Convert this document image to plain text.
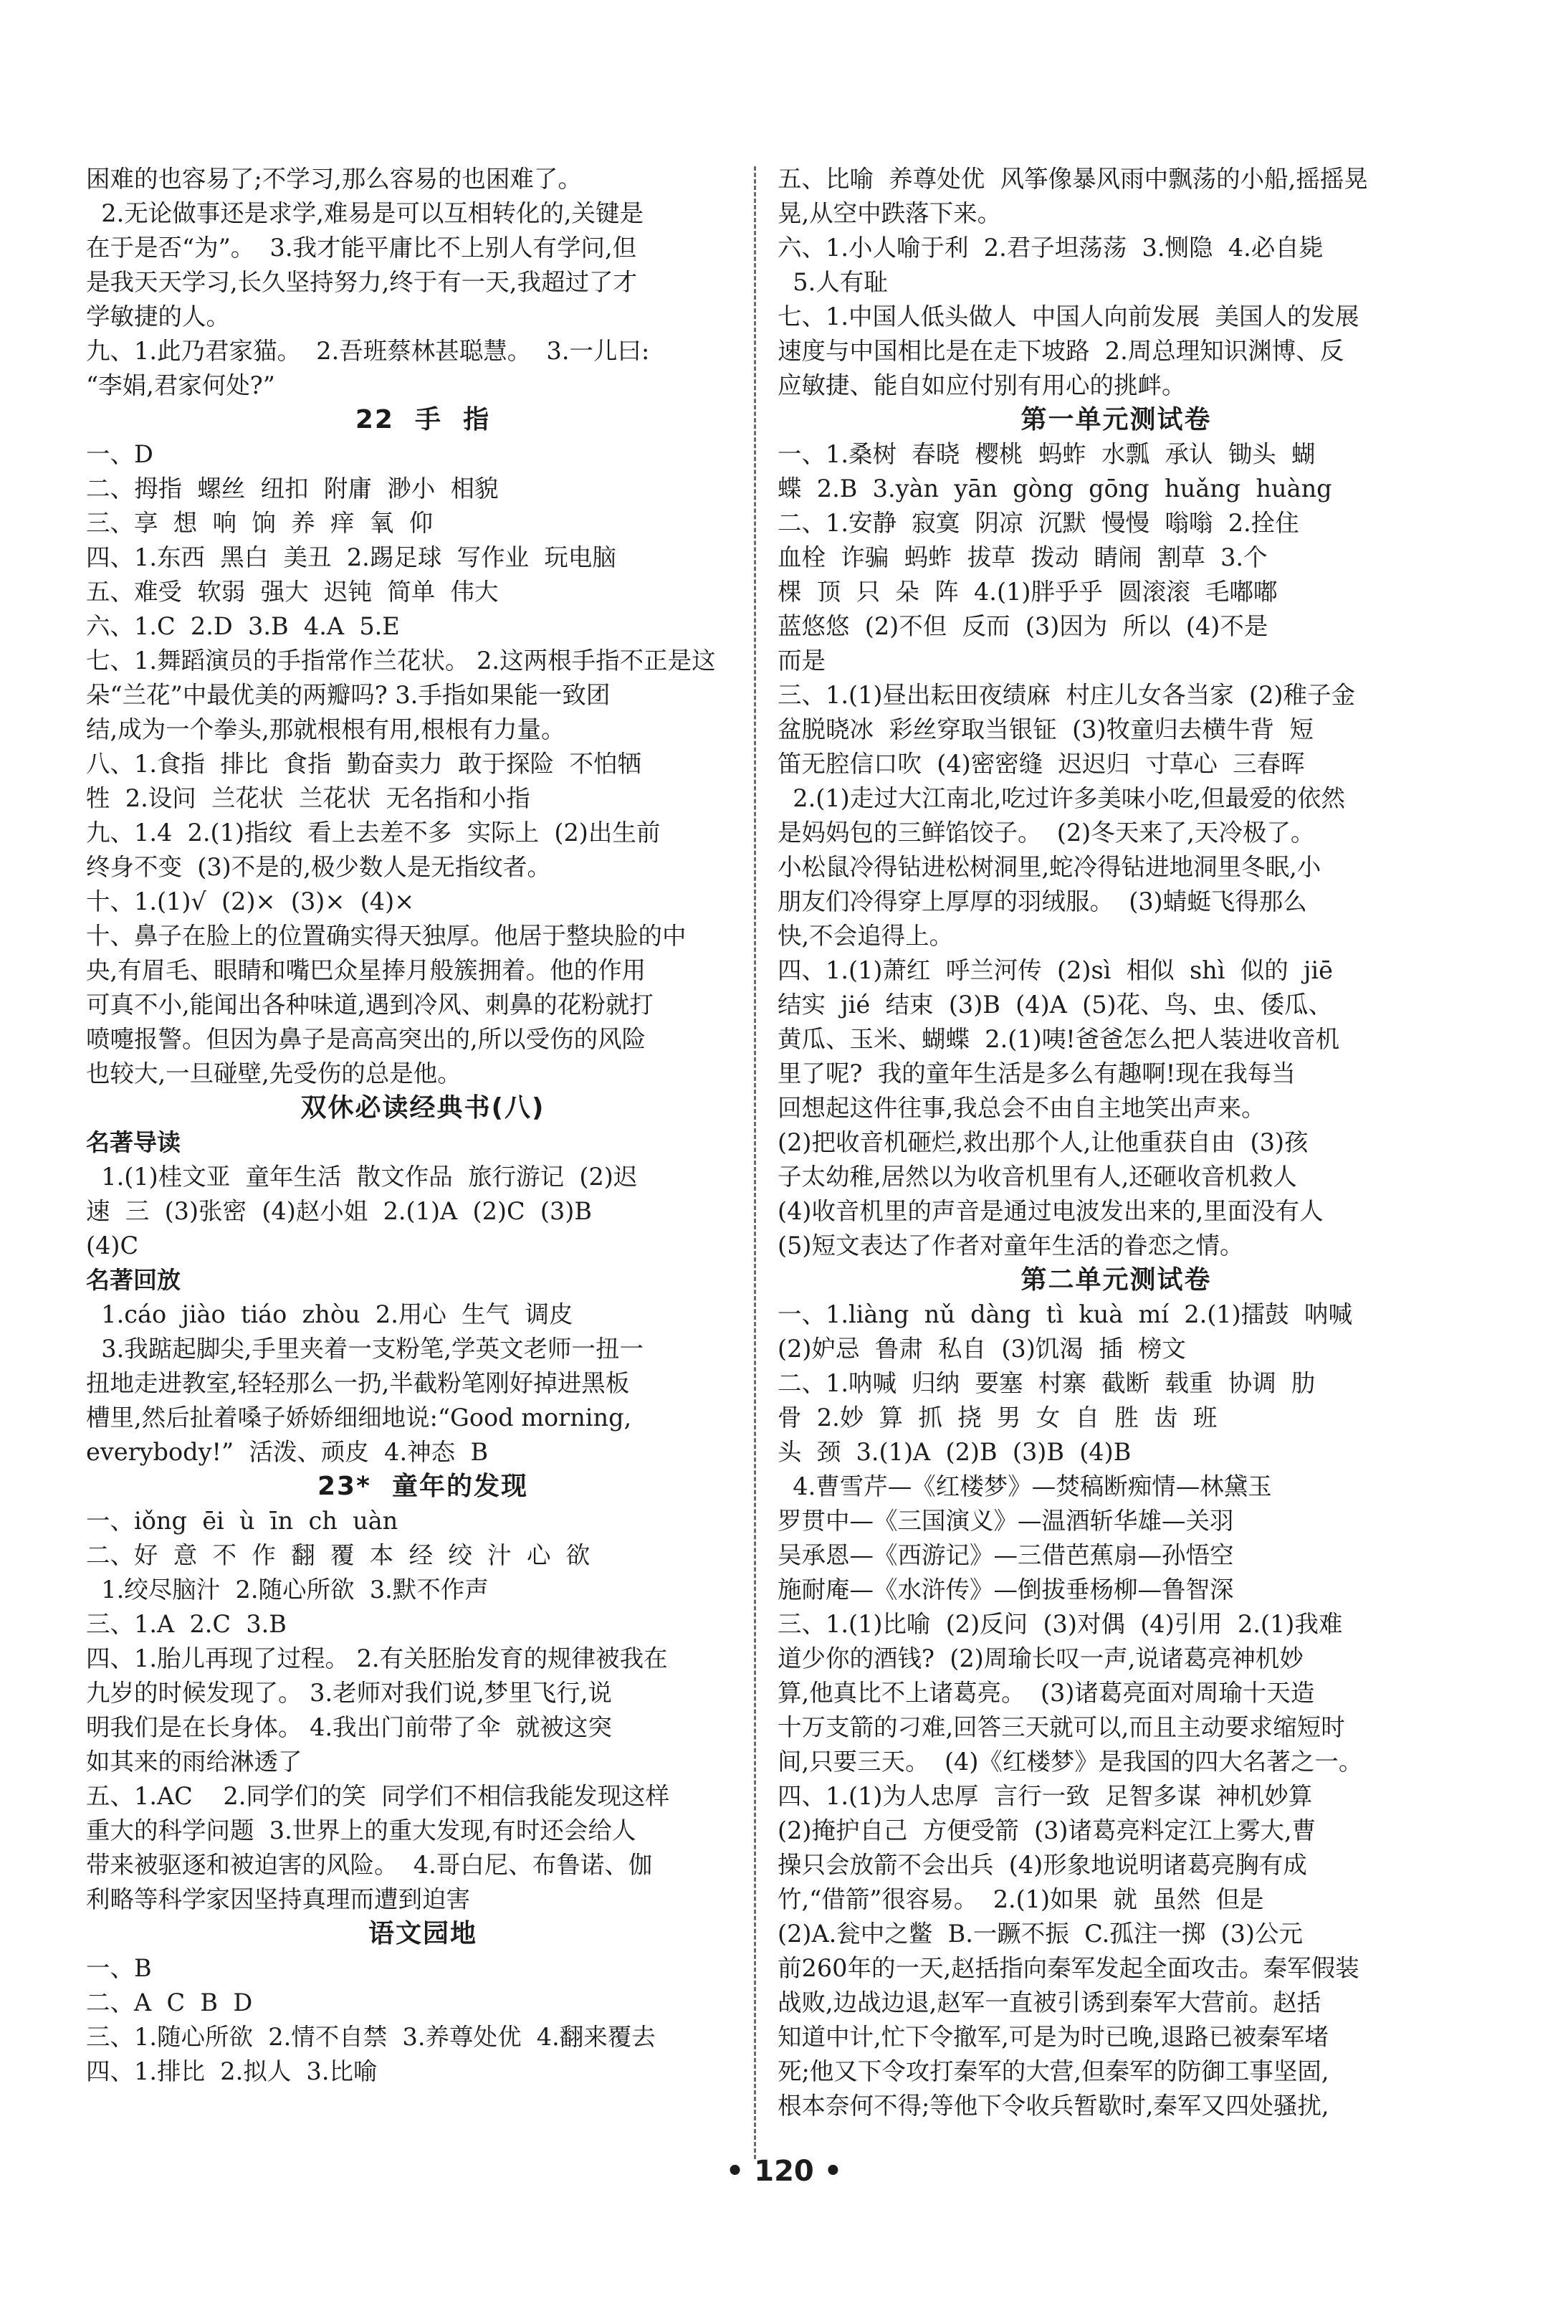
困难的也容易了;不学习,那么容易的也困难了。
2.无论做事还是求学,难易是可以互相转化的,关键是
在于是否“为”。  3.我才能平庸比不上别人有学问,但
是我天天学习,长久坚持努力,终于有一天,我超过了才
学敏捷的人。
九、1.此乃君家猫。  2.吾班蔡林甚聪慧。  3.一儿曰:
“李娟,君家何处?”
22  手  指
一、D
二、拇指  螺丝  纽扣  附庸  渺小  相貌
三、享  想  响  饷  养  痒  氧  仰
四、1.东西  黑白  美丑  2.踢足球  写作业  玩电脑
五、难受  软弱  强大  迟钝  简单  伟大
六、1.C  2.D  3.B  4.A  5.E
七、1.舞蹈演员的手指常作兰花状。 2.这两根手指不正是这
朵“兰花”中最优美的两瓣吗? 3.手指如果能一致团
结,成为一个拳头,那就根根有用,根根有力量。
八、1.食指  排比  食指  勤奋卖力  敢于探险  不怕牺
牲  2.设问  兰花状  兰花状  无名指和小指
九、1.4  2.(1)指纹  看上去差不多  实际上  (2)出生前
终身不变  (3)不是的,极少数人是无指纹者。
十、1.(1)√  (2)×  (3)×  (4)×
十、鼻子在脸上的位置确实得天独厚。他居于整块脸的中
央,有眉毛、眼睛和嘴巴众星捧月般簇拥着。他的作用
可真不小,能闻出各种味道,遇到冷风、刺鼻的花粉就打
喷嚏报警。但因为鼻子是高高突出的,所以受伤的风险
也较大,一旦碰壁,先受伤的总是他。
双休必读经典书(八)
名著导读
1.(1)桂文亚  童年生活  散文作品  旅行游记  (2)迟
速  三  (3)张密  (4)赵小姐  2.(1)A  (2)C  (3)B
(4)C
名著回放
1.cáo  jiào  tiáo  zhòu  2.用心  生气  调皮
3.我踮起脚尖,手里夹着一支粉笔,学英文老师一扭一
扭地走进教室,轻轻那么一扔,半截粉笔刚好掉进黑板
槽里,然后扯着嗓子娇娇细细地说:“Good morning,
everybody!”  活泼、顽皮  4.神态  B
23*  童年的发现
一、iǒng  ēi  ù  īn  ch  uàn
二、好  意  不  作  翻  覆  本  经  绞  汁  心  欲
1.绞尽脑汁  2.随心所欲  3.默不作声
三、1.A  2.C  3.B
四、1.胎儿再现了过程。 2.有关胚胎发育的规律被我在
九岁的时候发现了。 3.老师对我们说,梦里飞行,说
明我们是在长身体。 4.我出门前带了伞  就被这突
如其来的雨给淋透了
五、1.AC    2.同学们的笑  同学们不相信我能发现这样
重大的科学问题  3.世界上的重大发现,有时还会给人
带来被驱逐和被迫害的风险。  4.哥白尼、布鲁诺、伽
利略等科学家因坚持真理而遭到迫害
语文园地
一、B
二、A  C  B  D
三、1.随心所欲  2.情不自禁  3.养尊处优  4.翻来覆去
四、1.排比  2.拟人  3.比喻
五、比喻  养尊处优  风筝像暴风雨中飘荡的小船,摇摇晃
晃,从空中跌落下来。
六、1.小人喻于利  2.君子坦荡荡  3.恻隐  4.必自毙
5.人有耻
七、1.中国人低头做人  中国人向前发展  美国人的发展
速度与中国相比是在走下坡路  2.周总理知识渊博、反
应敏捷、能自如应付别有用心的挑衅。
第一单元测试卷
一、1.桑树  春晓  樱桃  蚂蚱  水瓢  承认  锄头  蝴
蝶  2.B  3.yàn  yān  gòng  gōng  huǎng  huàng
二、1.安静  寂寞  阴凉  沉默  慢慢  嗡嗡  2.拴住
血栓  诈骗  蚂蚱  拔草  拨动  睛闹  割草  3.个
棵  顶  只  朵  阵  4.(1)胖乎乎  圆滚滚  毛嘟嘟
蓝悠悠  (2)不但  反而  (3)因为  所以  (4)不是
而是
三、1.(1)昼出耘田夜绩麻  村庄儿女各当家  (2)稚子金
盆脱晓冰  彩丝穿取当银钲  (3)牧童归去横牛背  短
笛无腔信口吹  (4)密密缝  迟迟归  寸草心  三春晖
2.(1)走过大江南北,吃过许多美味小吃,但最爱的依然
是妈妈包的三鲜馅饺子。  (2)冬天来了,天冷极了。
小松鼠冷得钻进松树洞里,蛇冷得钻进地洞里冬眠,小
朋友们冷得穿上厚厚的羽绒服。  (3)蜻蜓飞得那么
快,不会追得上。
四、1.(1)萧红  呼兰河传  (2)sì  相似  shì  似的  jiē
结实  jié  结束  (3)B  (4)A  (5)花、鸟、虫、倭瓜、
黄瓜、玉米、蝴蝶  2.(1)咦!爸爸怎么把人装进收音机
里了呢?  我的童年生活是多么有趣啊!现在我每当
回想起这件往事,我总会不由自主地笑出声来。
(2)把收音机砸烂,救出那个人,让他重获自由  (3)孩
子太幼稚,居然以为收音机里有人,还砸收音机救人
(4)收音机里的声音是通过电波发出来的,里面没有人
(5)短文表达了作者对童年生活的眷恋之情。
第二单元测试卷
一、1.liàng  nǔ  dàng  tì  kuà  mí  2.(1)擂鼓  呐喊
(2)妒忌  鲁肃  私自  (3)饥渴  插  榜文
二、1.呐喊  归纳  要塞  村寨  截断  载重  协调  肋
骨  2.妙  算  抓  挠  男  女  自  胜  齿  班
头  颈  3.(1)A  (2)B  (3)B  (4)B
4.曹雪芹—《红楼梦》—焚稿断痴情—林黛玉
罗贯中—《三国演义》—温酒斩华雄—关羽
吴承恩—《西游记》—三借芭蕉扇—孙悟空
施耐庵—《水浒传》—倒拔垂杨柳—鲁智深
三、1.(1)比喻  (2)反问  (3)对偶  (4)引用  2.(1)我难
道少你的酒钱?  (2)周瑜长叹一声,说诸葛亮神机妙
算,他真比不上诸葛亮。  (3)诸葛亮面对周瑜十天造
十万支箭的刁难,回答三天就可以,而且主动要求缩短时
间,只要三天。  (4)《红楼梦》是我国的四大名著之一。
四、1.(1)为人忠厚  言行一致  足智多谋  神机妙算
(2)掩护自己  方便受箭  (3)诸葛亮料定江上雾大,曹
操只会放箭不会出兵  (4)形象地说明诸葛亮胸有成
竹,“借箭”很容易。  2.(1)如果  就  虽然  但是
(2)A.瓮中之鳖  B.一蹶不振  C.孤注一掷  (3)公元
前260年的一天,赵括指向秦军发起全面攻击。秦军假装
战败,边战边退,赵军一直被引诱到秦军大营前。赵括
知道中计,忙下令撤军,可是为时已晚,退路已被秦军堵
死;他又下令攻打秦军的大营,但秦军的防御工事坚固,
根本奈何不得;等他下令收兵暂歇时,秦军又四处骚扰,
• 120 •
